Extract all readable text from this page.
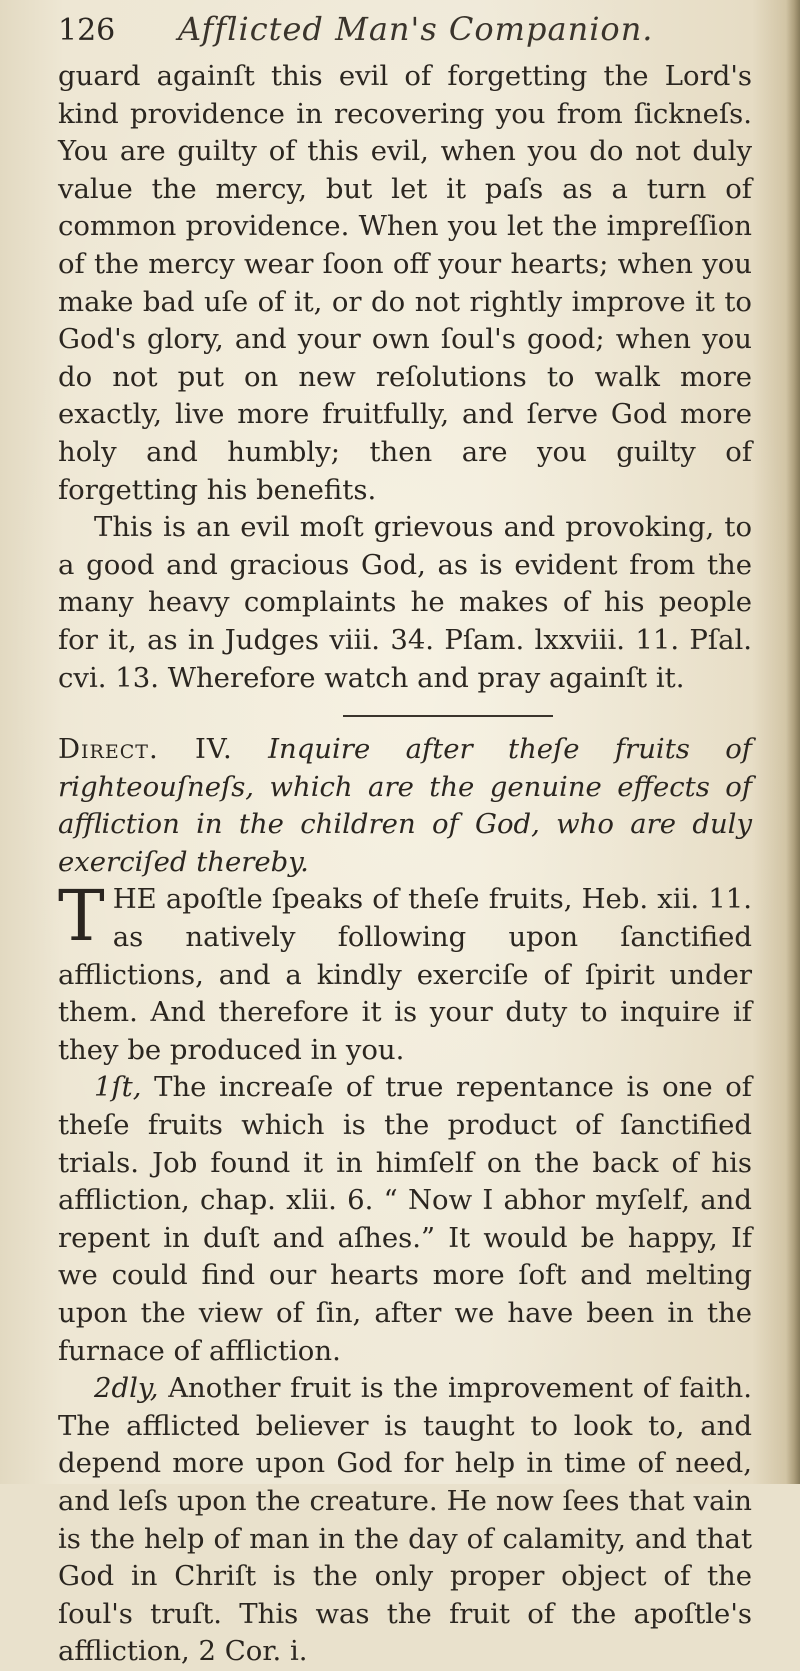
126	Afflicted Man's Companion.

guard againſt this evil of forgetting the Lord's kind providence in recovering you from ſickneſs. You are guilty of this evil, when you do not duly value the mercy, but let it paſs as a turn of common providence. When you let the impreſſion of the mercy wear ſoon off your hearts; when you make bad uſe of it, or do not rightly improve it to God's glory, and your own ſoul's good; when you do not put on new reſolutions to walk more exactly, live more fruitfully, and ſerve God more holy and humbly; then are you guilty of forgetting his benefits.

This is an evil moſt grievous and provoking, to a good and gracious God, as is evident from the many heavy complaints he makes of his people for it, as in Judges viii. 34. Pſam. lxxviii. 11. Pſal. cvi. 13. Wherefore watch and pray againſt it.

Direct. IV. Inquire after theſe fruits of righteouſneſs, which are the genuine effects of affliction in the children of God, who are duly exerciſed thereby.

THE apoſtle ſpeaks of theſe fruits, Heb. xii. 11. as natively following upon ſanctified afflictions, and a kindly exerciſe of ſpirit under them. And therefore it is your duty to inquire if they be produced in you.

1ſt, The increaſe of true repentance is one of theſe fruits which is the product of ſanctified trials. Job found it in himſelf on the back of his affliction, chap. xlii. 6. “ Now I abhor myſelf, and repent in duſt and aſhes.” It would be happy, If we could find our hearts more ſoft and melting upon the view of ſin, after we have been in the furnace of affliction.

2dly, Another fruit is the improvement of faith. The afflicted believer is taught to look to, and depend more upon God for help in time of need, and leſs upon the creature. He now ſees that vain is the help of man in the day of calamity, and that God in Chriſt is the only proper object of the ſoul's truſt. This was the fruit of the apoſtle's affliction, 2 Cor. i.
